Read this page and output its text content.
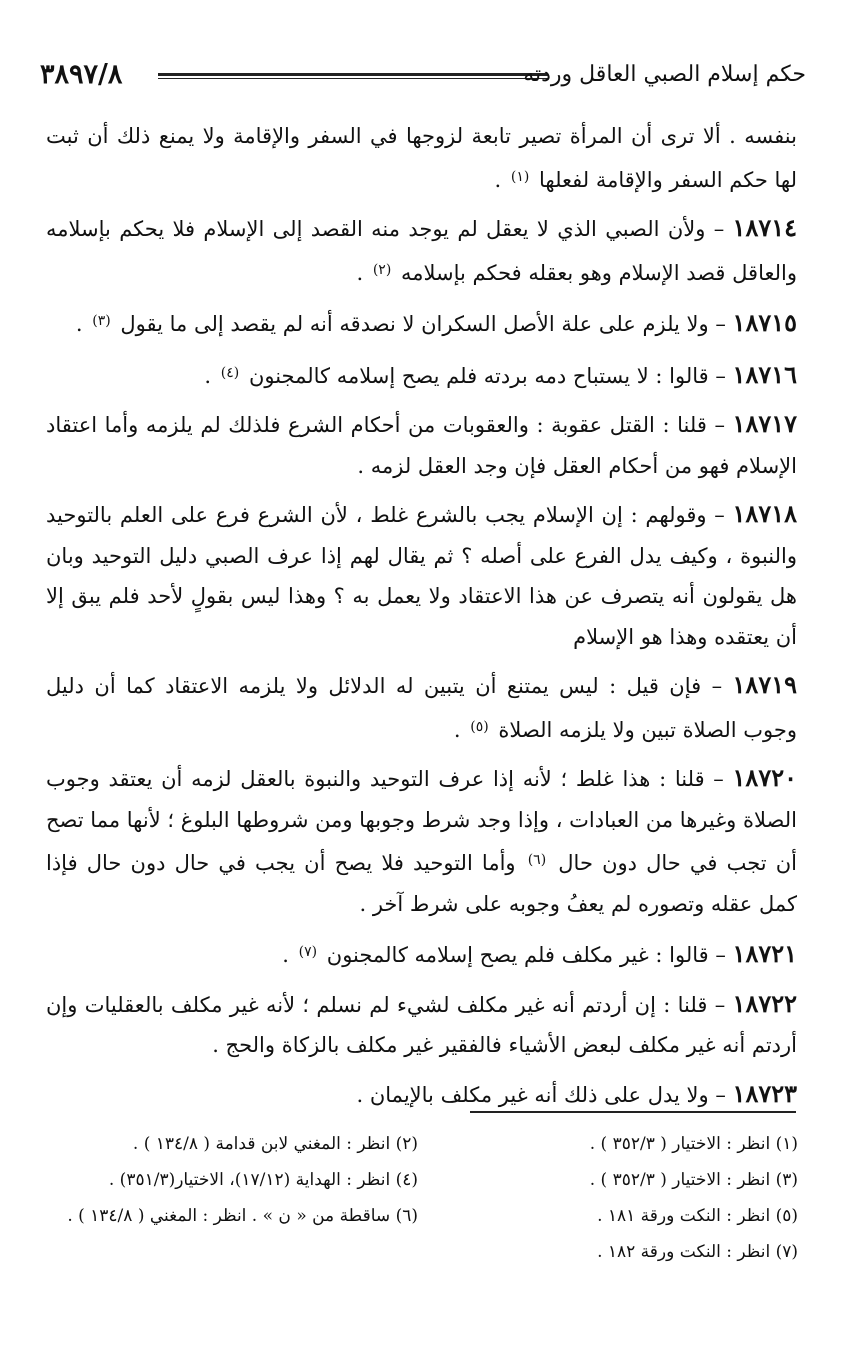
٣٨٩٧/٨	حكم إسلام الصبي العاقل وردته

بنفسه . ألا ترى أن المرأة تصير تابعة لزوجها في السفر والإقامة ولا يمنع ذلك أن ثبت لها حكم السفر والإقامة لفعلها $^{(١)}$ .

١٨٧١٤ – ولأن الصبي الذي لا يعقل لم يوجد منه القصد إلى الإسلام فلا يحكم بإسلامه والعاقل قصد الإسلام وهو بعقله فحكم بإسلامه $^{(٢)}$ .

١٨٧١٥ – ولا يلزم على علة الأصل السكران لا نصدقه أنه لم يقصد إلى ما يقول $^{(٣)}$ .

١٨٧١٦ – قالوا : لا يستباح دمه بردته فلم يصح إسلامه كالمجنون $^{(٤)}$ .

١٨٧١٧ – قلنا : القتل عقوبة : والعقوبات من أحكام الشرع فلذلك لم يلزمه وأما اعتقاد الإسلام فهو من أحكام العقل فإن وجد العقل لزمه .

١٨٧١٨ – وقولهم : إن الإسلام يجب بالشرع غلط ، لأن الشرع فرع على العلم بالتوحيد والنبوة ، وكيف يدل الفرع على أصله ؟ ثم يقال لهم إذا عرف الصبي دليل التوحيد وبان هل يقولون أنه يتصرف عن هذا الاعتقاد ولا يعمل به ؟ وهذا ليس بقولٍ لأحد فلم يبق إلا أن يعتقده وهذا هو الإسلام

١٨٧١٩ – فإن قيل : ليس يمتنع أن يتبين له الدلائل ولا يلزمه الاعتقاد كما أن دليل وجوب الصلاة تبين ولا يلزمه الصلاة $^{(٥)}$ .

١٨٧٢٠ – قلنا : هذا غلط ؛ لأنه إذا عرف التوحيد والنبوة بالعقل لزمه أن يعتقد وجوب الصلاة وغيرها من العبادات ، وإذا وجد شرط وجوبها ومن شروطها البلوغ ؛ لأنها مما تصح أن تجب في حال دون حال $^{(٦)}$ وأما التوحيد فلا يصح أن يجب في حال دون حال فإذا كمل عقله وتصوره لم يعفُ وجوبه على شرط آخر .

١٨٧٢١ – قالوا : غير مكلف فلم يصح إسلامه كالمجنون $^{(٧)}$ .

١٨٧٢٢ – قلنا : إن أردتم أنه غير مكلف لشيء لم نسلم ؛ لأنه غير مكلف بالعقليات وإن أردتم أنه غير مكلف لبعض الأشياء فالفقير غير مكلف بالزكاة والحج .

١٨٧٢٣ – ولا يدل على ذلك أنه غير مكلف بالإيمان .

(١) انظر : الاختيار ( ٣٥٢/٣ ) .
(٢) انظر : المغني لابن قدامة ( ١٣٤/٨ ) .
(٣) انظر : الاختيار ( ٣٥٢/٣ ) .
(٤) انظر : الهداية (١٧/١٢)، الاختيار(٣٥١/٣) .
(٥) انظر : النكت ورقة ١٨١ .
(٦) ساقطة من « ن » . انظر : المغني ( ١٣٤/٨ ) .
(٧) انظر : النكت ورقة ١٨٢ .
